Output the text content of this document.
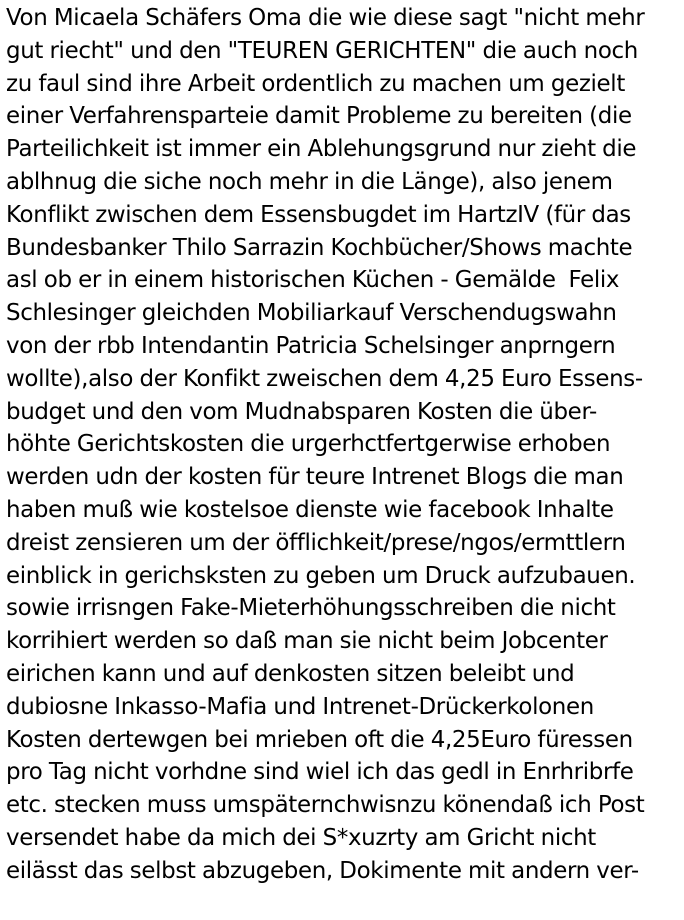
Von Micaela Schäfers Oma die wie diese sagt "nicht mehr
gut riecht" und den "TEUREN GERICHTEN" die auch noch
zu faul sind ihre Arbeit ordentlich zu machen um gezielt
einer Verfahrensparteie damit Probleme zu bereiten (die
Parteilichkeit ist immer ein Ablehungsgrund nur zieht die
ablhnug die siche noch mehr in die Länge), also jenem
Konflikt zwischen dem Essensbugdet im HartzIV (für das
Bundesbanker Thilo Sarrazin Kochbücher/Shows machte
asl ob er in einem historischen Küchen - Gemälde  Felix
Schlesinger gleichden Mobiliarkauf Verschendugswahn
von der rbb Intendantin Patricia Schelsinger anprngern
wollte),also der Konfikt zweischen dem 4,25 Euro Essens-
budget und den vom Mudnabsparen Kosten die über-
höhte Gerichtskosten die urgerhctfertgerwise erhoben
werden udn der kosten für teure Intrenet Blogs die man
haben muß wie kostelsoe dienste wie facebook Inhalte
dreist zensieren um der öfflichkeit/prese/ngos/ermttlern
einblick in gerichsksten zu geben um Druck aufzubauen.
sowie irrisngen Fake-Mieterhöhungsschreiben die nicht
korrihiert werden so daß man sie nicht beim Jobcenter
eirichen kann und auf denkosten sitzen beleibt und
dubiosne Inkasso-Mafia und Intrenet-Drückerkolonen
Kosten dertewgen bei mrieben oft die 4,25Euro füressen
pro Tag nicht vorhdne sind wiel ich das gedl in Enrhribrfe
etc. stecken muss umspäternchwisnzu könendaß ich Post
versendet habe da mich dei S*xuzrty am Gricht nicht
eilässt das selbst abzugeben, Dokimente mit andern ver-
